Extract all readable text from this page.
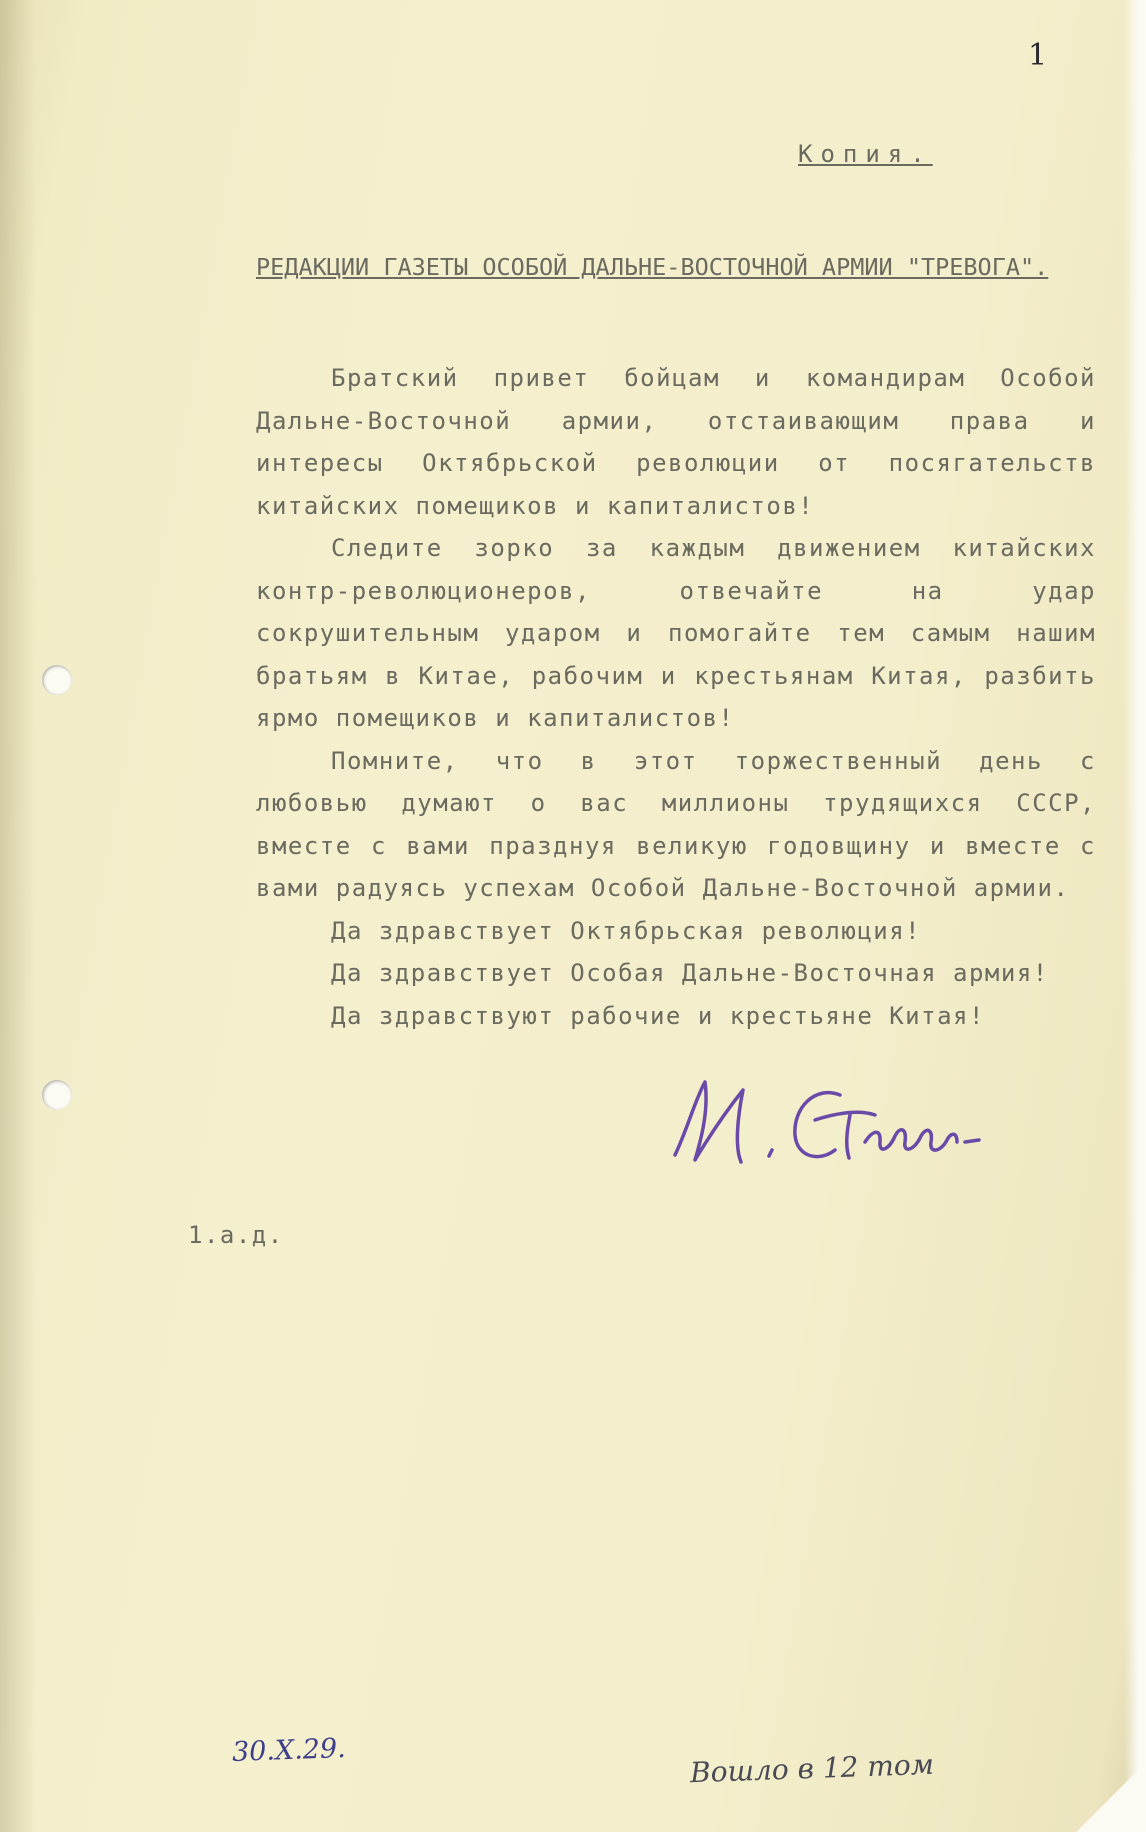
1
Копия.
РЕДАКЦИИ ГАЗЕТЫ ОСОБОЙ ДАЛЬНЕ-ВОСТОЧНОЙ АРМИИ "ТРЕВОГА".

Братский привет бойцам и командирам Особой Дальне-Восточной армии, отстаивающим права и интересы Октябрьской революции от посягательств китайских помещиков и капиталистов!

Следите зорко за каждым движением китайских контр-революционеров, отвечайте на удар сокрушительным ударом и помогайте тем самым нашим братьям в Китае, рабочим и крестьянам Китая, разбить ярмо помещиков и капиталистов!

Помните, что в этот торжественный день с любовью думают о вас миллионы трудящихся СССР, вместе с вами празднуя великую годовщину и вместе с вами радуясь успехам Особой Дальне-Восточной армии.

Да здравствует Октябрьская революция!

Да здравствует Особая Дальне-Восточная армия!

Да здравствуют рабочие и крестьяне Китая!

1.а.д.
30.X.29.	Вошло в 12 том
